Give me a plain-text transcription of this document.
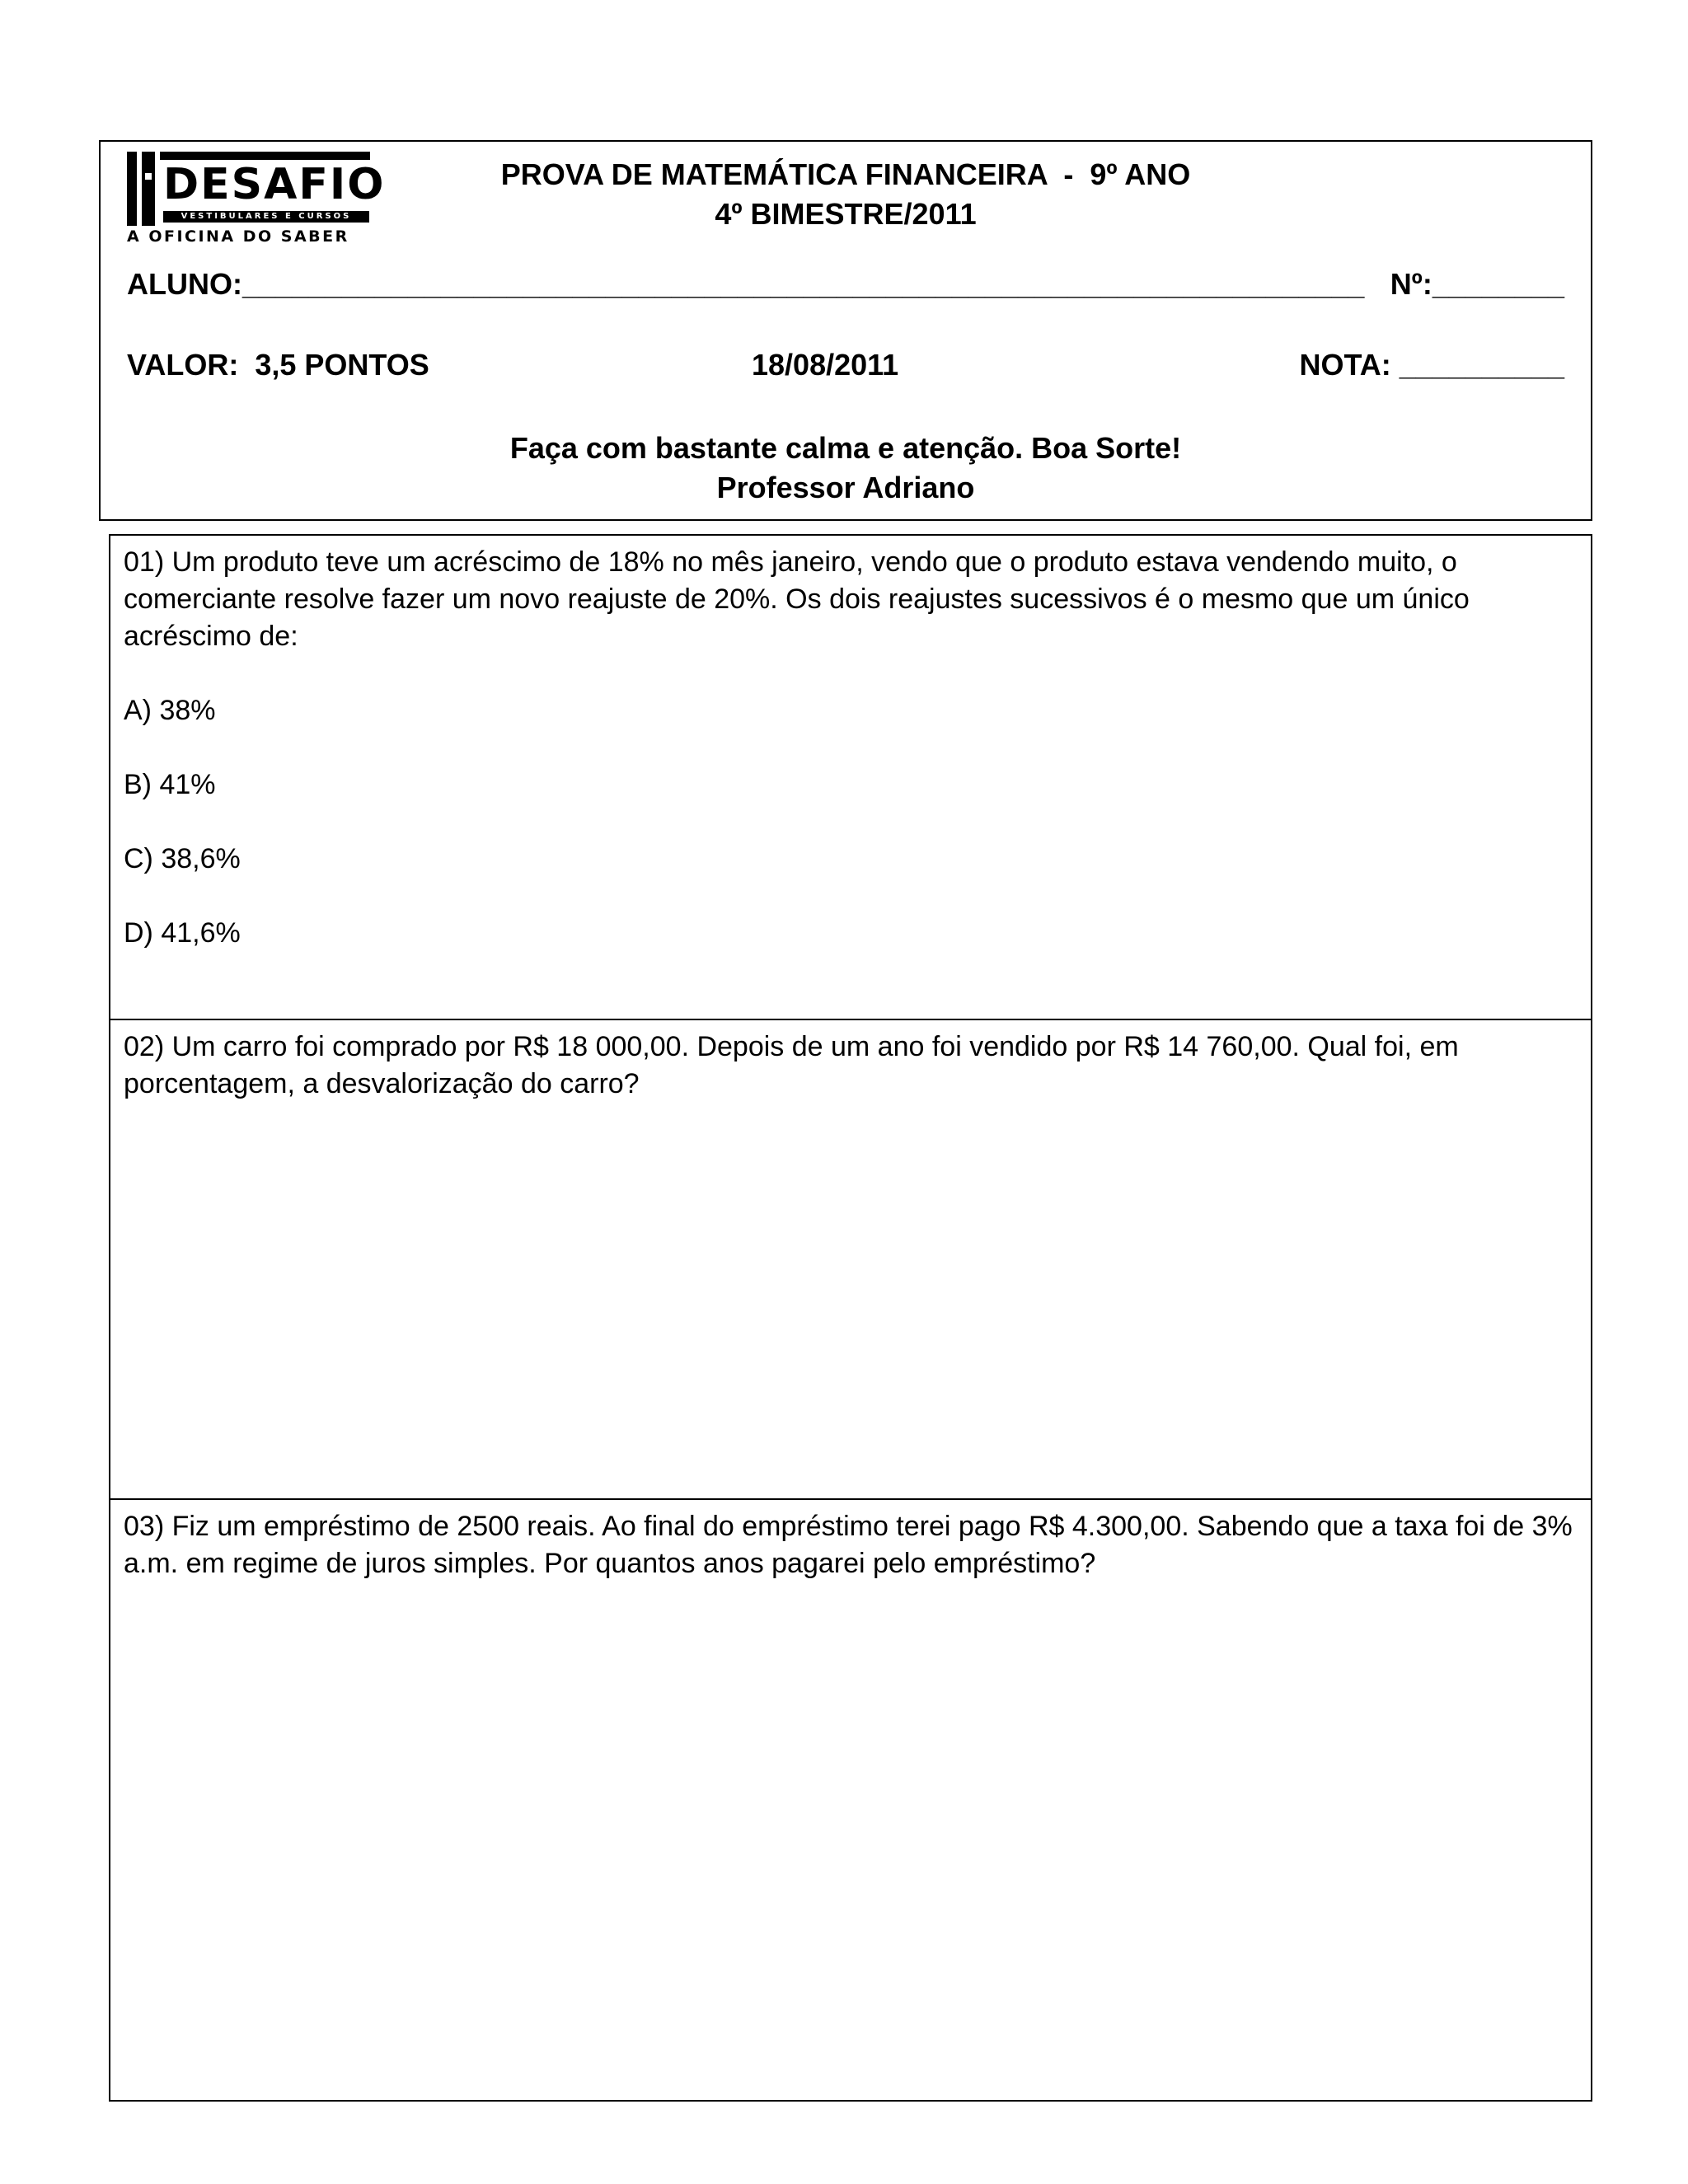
DESAFIO
VESTIBULARES E CURSOS
A OFICINA DO SABER
PROVA DE MATEMÁTICA FINANCEIRA  -  9º ANO
4º BIMESTRE/2011
ALUNO:____________________________________________________________________ Nº:________
VALOR:  3,5 PONTOS	18/08/2011	NOTA: __________
Faça com bastante calma e atenção. Boa Sorte!
Professor Adriano

01) Um produto teve um acréscimo de 18% no mês janeiro, vendo que o produto estava vendendo muito, o comerciante resolve fazer um novo reajuste de 20%. Os dois reajustes sucessivos é o mesmo que um único acréscimo de:

A) 38%
B) 41%
C) 38,6%
D) 41,6%

02) Um carro foi comprado por R$ 18 000,00. Depois de um ano foi vendido por R$ 14 760,00. Qual foi, em porcentagem, a desvalorização do carro?

03) Fiz um empréstimo de 2500 reais. Ao final do empréstimo terei pago R$ 4.300,00. Sabendo que a taxa foi de 3% a.m. em regime de juros simples. Por quantos anos pagarei pelo empréstimo?
